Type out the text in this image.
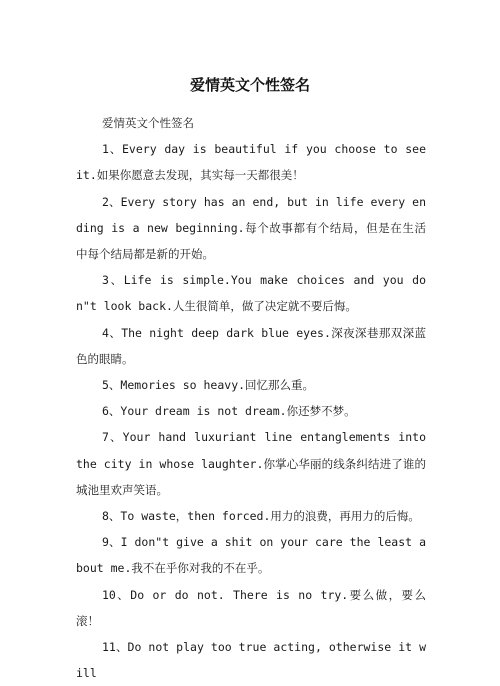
爱情英文个性签名

爱情英文个性签名

1、Every day is beautiful if you choose to see it.如果你愿意去发现，其实每一天都很美！

2、Every story has an end, but in life every ending is a new beginning.每个故事都有个结局，但是在生活中每个结局都是新的开始。

3、Life is simple.You make choices and you don"t look back.人生很简单，做了决定就不要后悔。

4、The night deep dark blue eyes.深夜深巷那双深蓝色的眼睛。

5、Memories so heavy.回忆那么重。

6、Your dream is not dream.你还梦不梦。

7、Your hand luxuriant line entanglements into the city in whose laughter.你掌心华丽的线条纠结进了谁的城池里欢声笑语。

8、To waste，then forced.用力的浪费，再用力的后悔。

9、I don"t give a shit on your care the least about me.我不在乎你对我的不在乎。

10、Do or do not. There is no try.要么做，要么滚！

11、Do not play too true acting, otherwise it will
